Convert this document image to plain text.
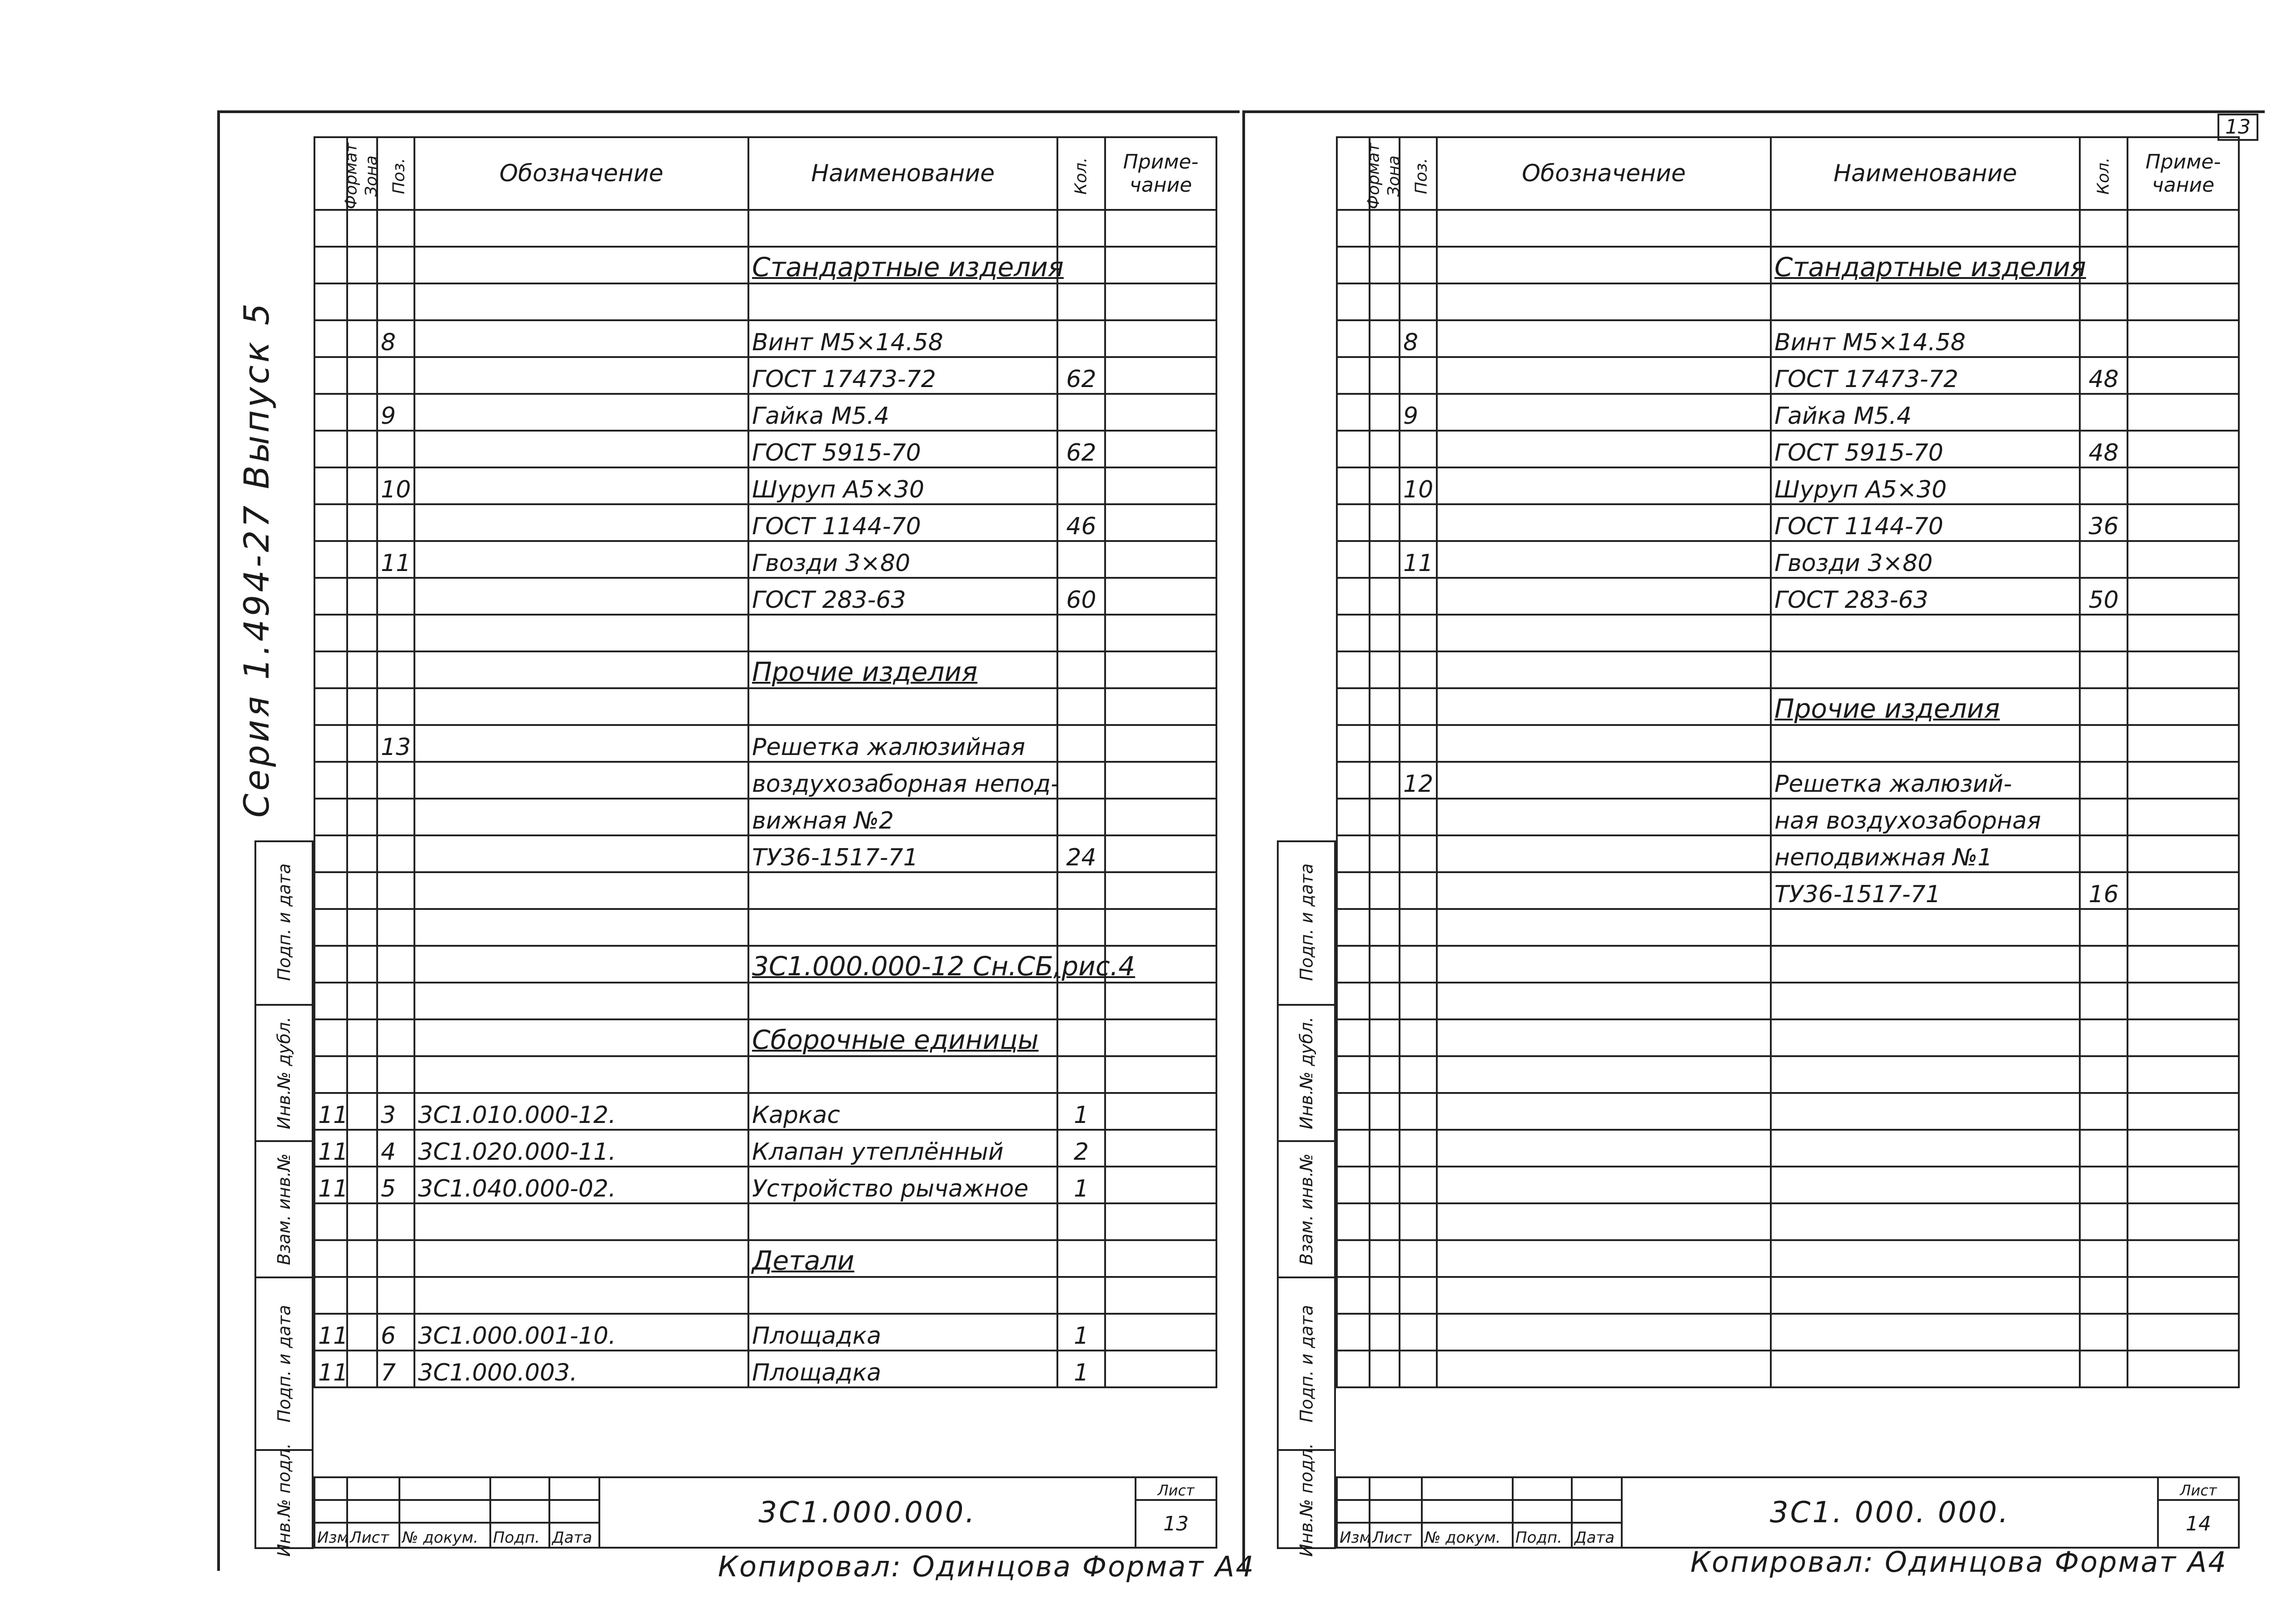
13
Серия 1.494-27 Выпуск 5
Подп. и дата
Инв.№ дубл.
Взам. инв.№
Подп. и дата
Инв.№ подл.
Подп. и дата
Инв.№ дубл.
Взам. инв.№
Подп. и дата
Инв.№ подл.
Формат	Зона	Поз.	Обозначение	Наименование	Кол.	Приме-
чание

				Стандартные изделия		

		8		Винт М5×14.58		
				ГОСТ 17473-72	62	
		9		Гайка М5.4		
				ГОСТ 5915-70	62	
		10		Шуруп А5×30		
				ГОСТ 1144-70	46	
		11		Гвозди 3×80		
				ГОСТ 283-63	60	

				Прочие изделия		

		13		Решетка жалюзийная		
				воздухозаборная непод-		
				вижная №2		
				ТУ36-1517-71	24	

				3С1.000.000-12 Сн.СБ,рис.4		

				Сборочные единицы		

11		3	3С1.010.000-12.	Каркас	1	
11		4	3С1.020.000-11.	Клапан утеплённый	2	
11		5	3С1.040.000-02.	Устройство рычажное	1	

				Детали		

11		6	3С1.000.001-10.	Площадка	1	
11		7	3С1.000.003.	Площадка	1	
Формат	Зона	Поз.	Обозначение	Наименование	Кол.	Приме-
чание

				Стандартные изделия		

		8		Винт М5×14.58		
				ГОСТ 17473-72	48	
		9		Гайка М5.4		
				ГОСТ 5915-70	48	
		10		Шуруп А5×30		
				ГОСТ 1144-70	36	
		11		Гвозди 3×80		
				ГОСТ 283-63	50	

				Прочие изделия		

		12		Решетка жалюзий-		
				ная воздухозаборная		
				неподвижная №1		
				ТУ36-1517-71	16	

					3С1.000.000.	Лист
						13
Изм	Лист	№ докум.	Подп.	Дата		
					3С1. 000. 000.	Лист
						14
Изм	Лист	№ докум.	Подп.	Дата		
Копировал: Одинцова Формат А4	Копировал: Одинцова Формат А4
